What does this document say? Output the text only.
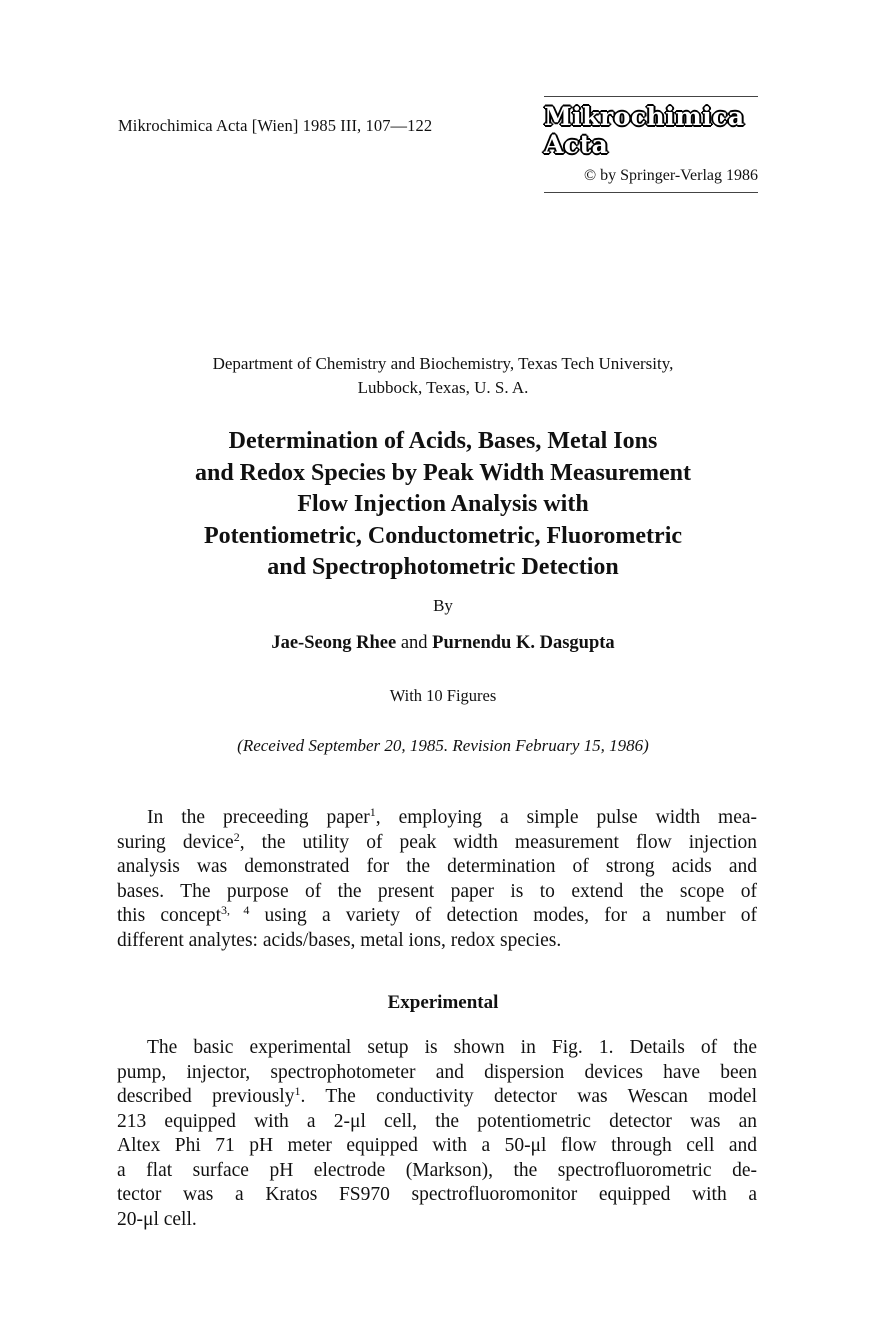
Mikrochimica Acta [Wien] 1985 III, 107—122	Mikrochimica Acta
© by Springer-Verlag 1986
Department of Chemistry and Biochemistry, Texas Tech University,
Lubbock, Texas, U. S. A.
Determination of Acids, Bases, Metal Ions
and Redox Species by Peak Width Measurement
Flow Injection Analysis with
Potentiometric, Conductometric, Fluorometric
and Spectrophotometric Detection
By
Jae-Seong Rhee and Purnendu K. Dasgupta
With 10 Figures
(Received September 20, 1985. Revision February 15, 1986)
In the preceeding paper$^1$, employing a simple pulse width mea-
suring device$^2$, the utility of peak width measurement flow injection
analysis was demonstrated for the determination of strong acids and
bases. The purpose of the present paper is to extend the scope of
this concept$^{3, 4}$ using a variety of detection modes, for a number of
different analytes: acids/bases, metal ions, redox species.
Experimental
The basic experimental setup is shown in Fig. 1. Details of the
pump, injector, spectrophotometer and dispersion devices have been
described previously$^1$. The conductivity detector was Wescan model
213 equipped with a 2-μl cell, the potentiometric detector was an
Altex Phi 71 pH meter equipped with a 50-μl flow through cell and
a flat surface pH electrode (Markson), the spectrofluorometric de-
tector was a Kratos FS970 spectrofluoromonitor equipped with a
20-μl cell.
